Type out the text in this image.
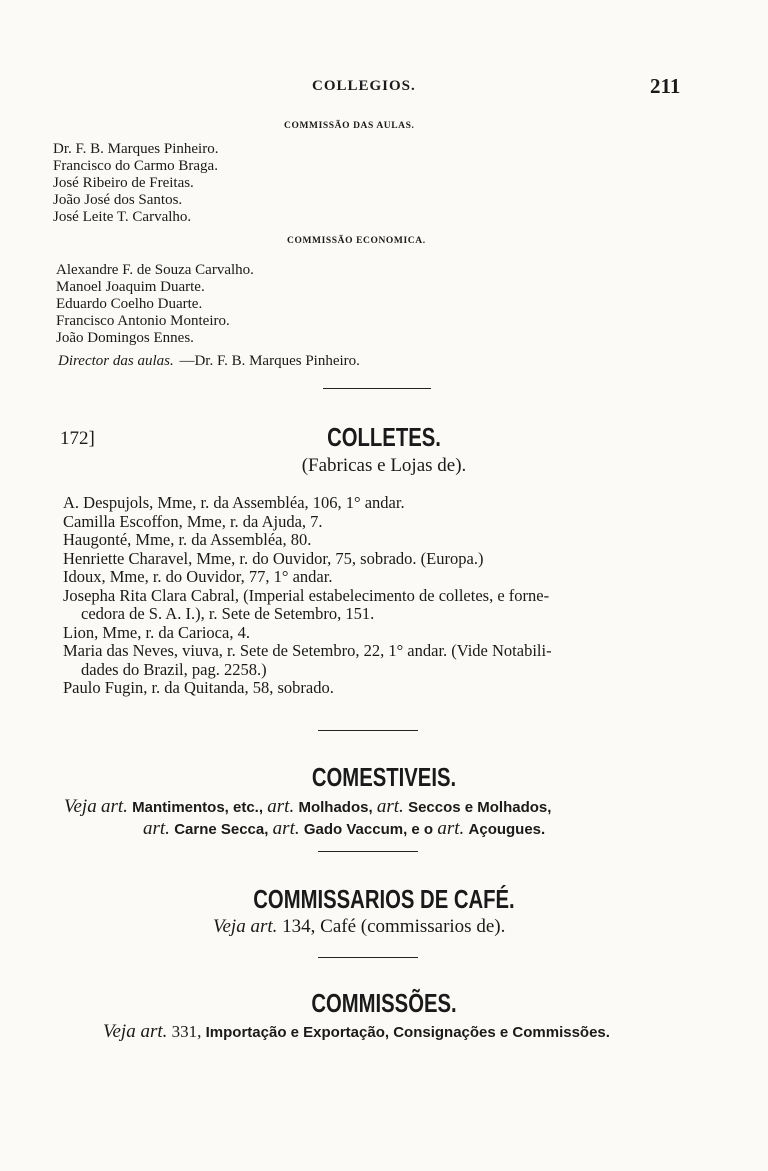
COLLEGIOS.	211
COMMISSÃO DAS AULAS.
Dr. F. B. Marques Pinheiro.
Francisco do Carmo Braga.
José Ribeiro de Freitas.
João José dos Santos.
José Leite T. Carvalho.
COMMISSÃO ECONOMICA.
Alexandre F. de Souza Carvalho.
Manoel Joaquim Duarte.
Eduardo Coelho Duarte.
Francisco Antonio Monteiro.
João Domingos Ennes.
Director das aulas. —Dr. F. B. Marques Pinheiro.
172]	COLLETES.
(Fabricas e Lojas de).
A. Despujols, Mme, r. da Assembléa, 106, 1° andar.
Camilla Escoffon, Mme, r. da Ajuda, 7.
Haugonté, Mme, r. da Assembléa, 80.
Henriette Charavel, Mme, r. do Ouvidor, 75, sobrado. (Europa.)
Idoux, Mme, r. do Ouvidor, 77, 1° andar.
Josepha Rita Clara Cabral, (Imperial estabelecimento de colletes, e forne-
cedora de S. A. I.), r. Sete de Setembro, 151.
Lion, Mme, r. da Carioca, 4.
Maria das Neves, viuva, r. Sete de Setembro, 22, 1° andar. (Vide Notabili-
dades do Brazil, pag. 2258.)
Paulo Fugin, r. da Quitanda, 58, sobrado.
COMESTIVEIS.
Veja art. Mantimentos, etc., art. Molhados, art. Seccos e Molhados,
art. Carne Secca, art. Gado Vaccum, e o art. Açougues.
COMMISSARIOS DE CAFÉ.
Veja art. 134, Café (commissarios de).
COMMISSÕES.
Veja art. 331, Importação e Exportação, Consignações e Commissões.
